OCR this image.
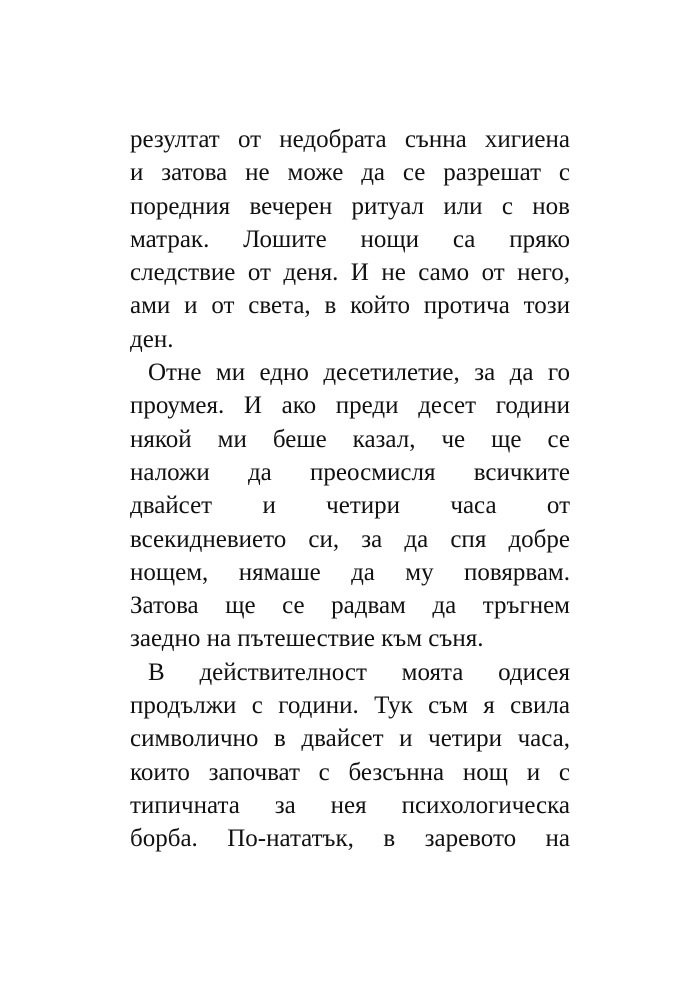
резултат от недобрата сънна хигиена
и затова не може да се разрешат с
поредния вечерен ритуал или с нов
матрак. Лошите нощи са пряко
следствие от деня. И не само от него,
ами и от света, в който протича този
ден.

Отне ми едно десетилетие, за да го
проумея. И ако преди десет години
някой ми беше казал, че ще се
наложи да преосмисля всичките
двайсет и четири часа от
всекидневието си, за да спя добре
нощем, нямаше да му повярвам.
Затова ще се радвам да тръгнем
заедно на пътешествие към съня.

В действителност моята одисея
продължи с години. Тук съм я свила
символично в двайсет и четири часа,
които започват с безсънна нощ и с
типичната за нея психологическа
борба. По-нататък, в заревото на
